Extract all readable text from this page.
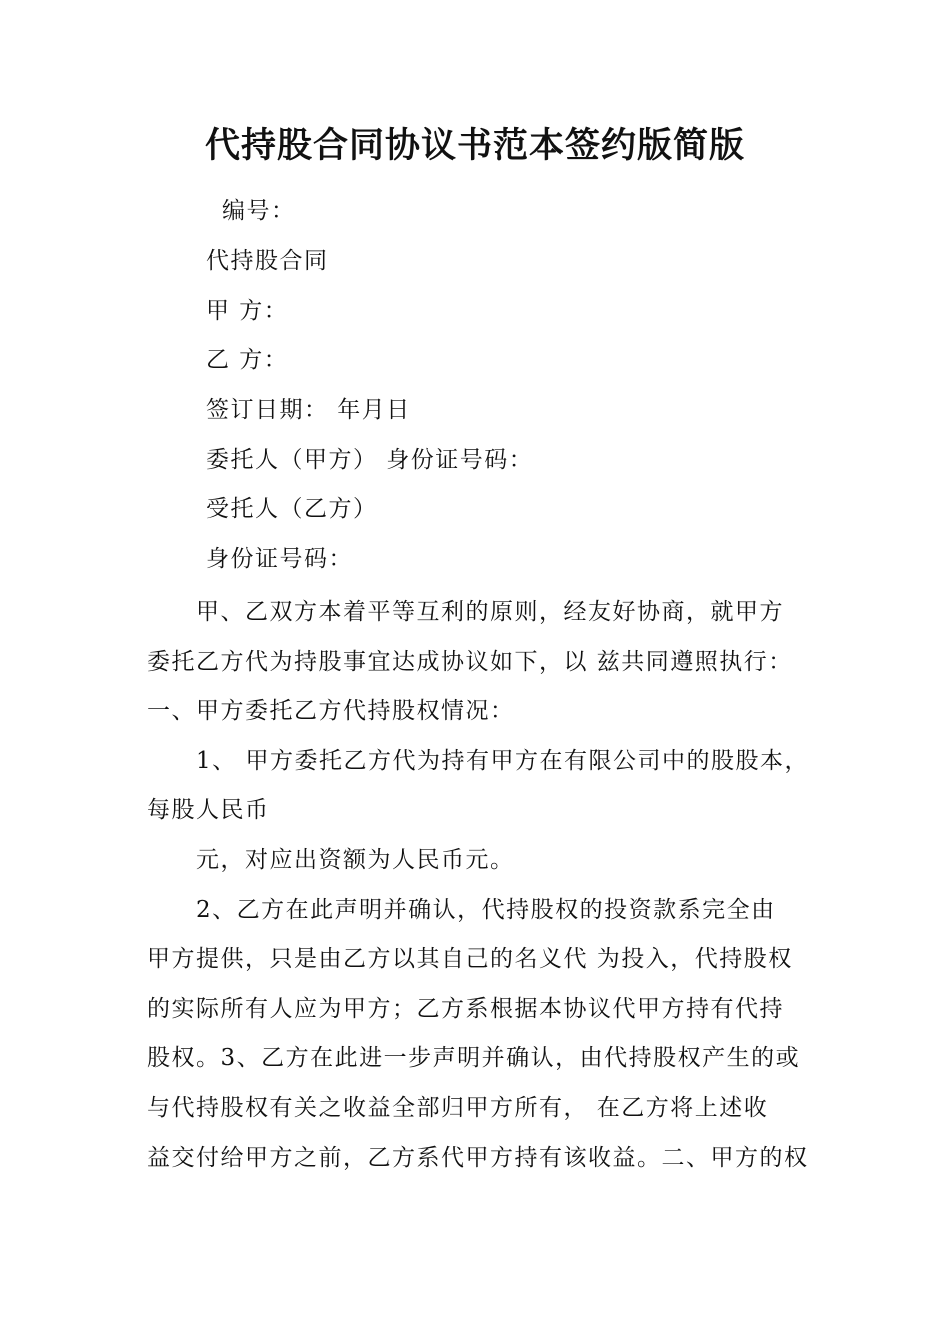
代持股合同协议书范本签约版简版
编号：
代持股合同
甲 方：
乙 方：
签订日期： 年月日
委托人（甲方） 身份证号码：
受托人（乙方）
身份证号码：
　　甲、乙双方本着平等互利的原则，经友好协商，就甲方
委托乙方代为持股事宜达成协议如下，以 兹共同遵照执行：
一、甲方委托乙方代持股权情况：
　　1、 甲方委托乙方代为持有甲方在有限公司中的股股本，
每股人民币
　　元，对应出资额为人民币元。
　　2、乙方在此声明并确认，代持股权的投资款系完全由
甲方提供，只是由乙方以其自己的名义代 为投入，代持股权
的实际所有人应为甲方；乙方系根据本协议代甲方持有代持
股权。3、乙方在此进一步声明并确认，由代持股权产生的或
与代持股权有关之收益全部归甲方所有， 在乙方将上述收
益交付给甲方之前，乙方系代甲方持有该收益。二、甲方的权
